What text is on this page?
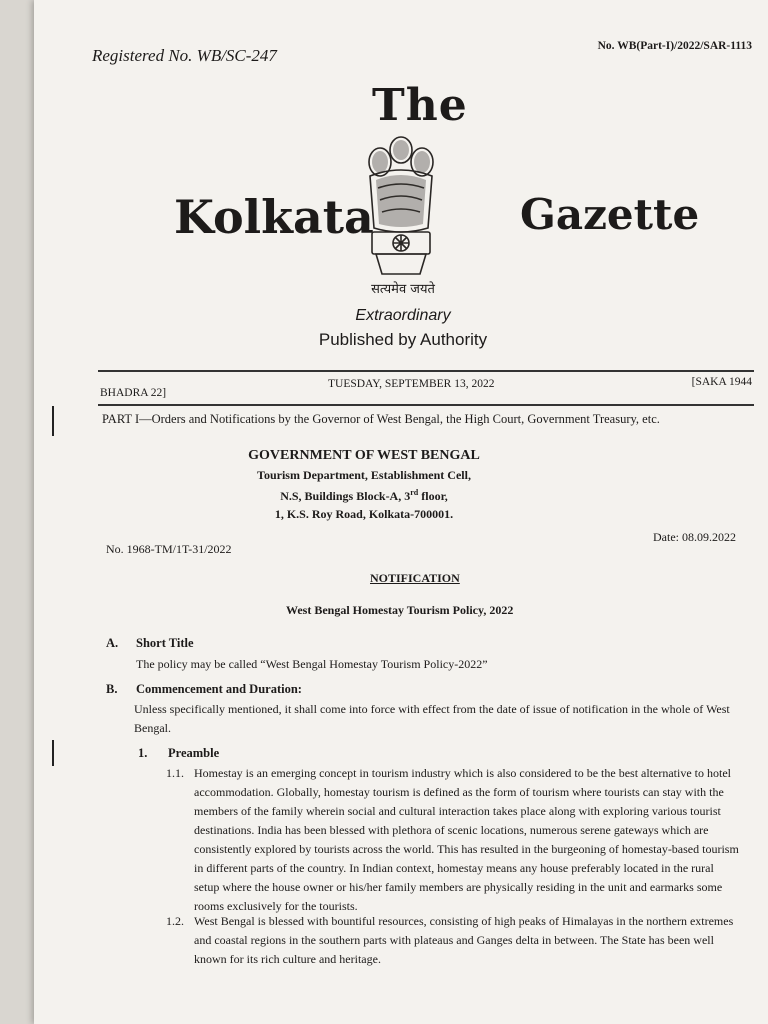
Registered No. WB/SC-247	No. WB(Part-I)/2022/SAR-1113
The
Kolkata	Gazette
सत्यमेव जयते
Extraordinary
Published by Authority
BHADRA 22]
TUESDAY, SEPTEMBER 13, 2022	[SAKA 1944
PART I—Orders and Notifications by the Governor of West Bengal, the High Court, Government Treasury, etc.
GOVERNMENT OF WEST BENGAL
Tourism Department, Establishment Cell,
N.S, Buildings Block-A, 3rd floor,
1, K.S. Roy Road, Kolkata-700001.
No. 1968-TM/1T-31/2022
Date: 08.09.2022
NOTIFICATION
West Bengal Homestay Tourism Policy, 2022
A. Short Title
The policy may be called “West Bengal Homestay Tourism Policy-2022”
B. Commencement and Duration:
Unless specifically mentioned, it shall come into force with effect from the date of issue of notification in the whole of West Bengal.
1. Preamble
1.1. Homestay is an emerging concept in tourism industry which is also considered to be the best alternative to hotel accommodation. Globally, homestay tourism is defined as the form of tourism where tourists can stay with the members of the family wherein social and cultural interaction takes place along with exploring various tourist destinations. India has been blessed with plethora of scenic locations, numerous serene gateways which are consistently explored by tourists across the world. This has resulted in the burgeoning of homestay-based tourism in different parts of the country. In Indian context, homestay means any house preferably located in the rural setup where the house owner or his/her family members are physically residing in the unit and earmarks some rooms exclusively for the tourists.
1.2. West Bengal is blessed with bountiful resources, consisting of high peaks of Himalayas in the northern extremes and coastal regions in the southern parts with plateaus and Ganges delta in between. The State has been well known for its rich culture and heritage.
